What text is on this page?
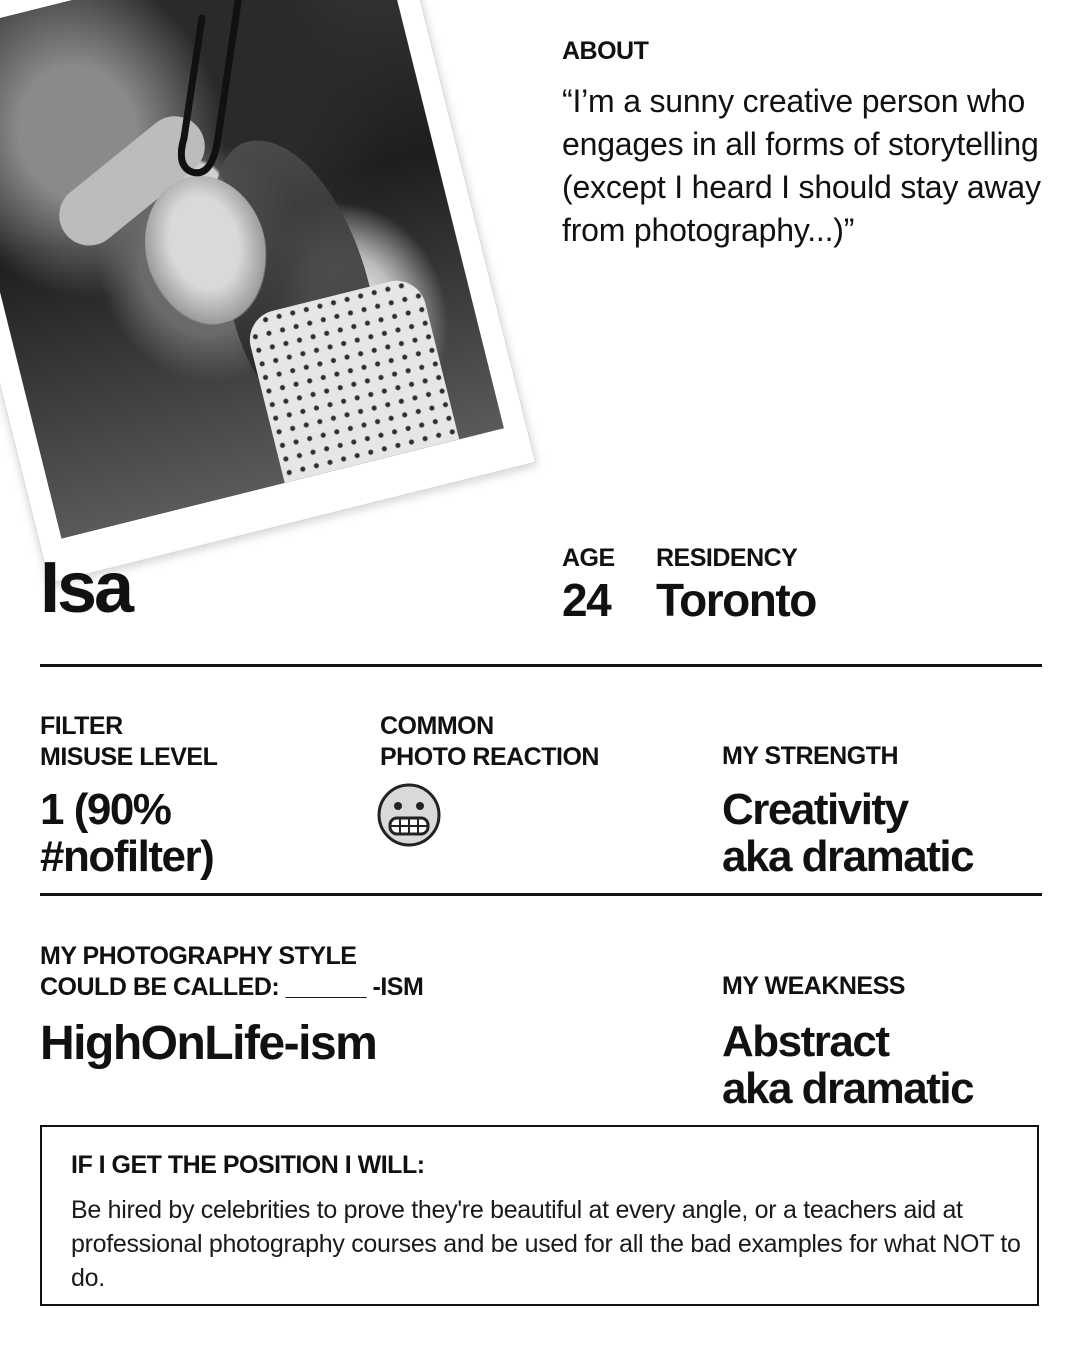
ABOUT
“I’m a sunny creative person who engages in all forms of storytelling (except I heard I should stay away from photography...)”
Isa	AGE
24
RESIDENCY
Toronto
FILTER
MISUSE LEVEL
1 (90%
#nofilter)
COMMON
PHOTO REACTION	MY STRENGTH
Creativity
aka dramatic
MY PHOTOGRAPHY STYLE
COULD BE CALLED: ______ -ISM
HighOnLife-ism
MY WEAKNESS
Abstract
aka dramatic
IF I GET THE POSITION I WILL:
Be hired by celebrities to prove they're beautiful at every angle, or a teachers aid at professional photography courses and be used for all the bad examples for what NOT to do.
